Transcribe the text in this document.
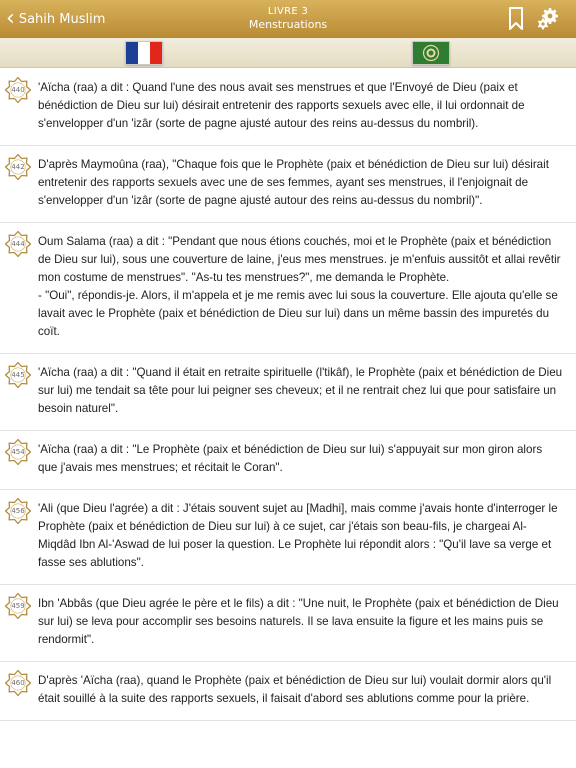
‹ Sahih Muslim	LIVRE 3
Menstruations
440	'Aïcha (raa) a dit : Quand l'une des nous avait ses menstrues et que l'Envoyé de Dieu (paix et bénédiction de Dieu sur lui) désirait entretenir des rapports sexuels avec elle, il lui ordonnait de s'envelopper d'un 'izâr (sorte de pagne ajusté autour des reins au-dessus du nombril).
442	D'après Maymoûna (raa), "Chaque fois que le Prophète (paix et bénédiction de Dieu sur lui) désirait entretenir des rapports sexuels avec une de ses femmes, ayant ses menstrues, il l'enjoignait de s'envelopper d'un 'izâr (sorte de pagne ajusté autour des reins au-dessus du nombril)".
444	Oum Salama (raa) a dit : "Pendant que nous étions couchés, moi et le Prophète (paix et bénédiction de Dieu sur lui), sous une couverture de laine, j'eus mes menstrues. je m'enfuis aussitôt et allai revêtir mon costume de menstrues". "As-tu tes menstrues?", me demanda le Prophète.
- "Oui", répondis-je. Alors, il m'appela et je me remis avec lui sous la couverture. Elle ajouta qu'elle se lavait avec le Prophète (paix et bénédiction de Dieu sur lui) dans un même bassin des impuretés du coït.
445	'Aïcha (raa) a dit : "Quand il était en retraite spirituelle (l'tikâf), le Prophète (paix et bénédiction de Dieu sur lui) me tendait sa tête pour lui peigner ses cheveux; et il ne rentrait chez lui que pour satisfaire un besoin naturel".
454	'Aïcha (raa) a dit : "Le Prophète (paix et bénédiction de Dieu sur lui) s'appuyait sur mon giron alors que j'avais mes menstrues; et récitait le Coran".
456	'Ali (que Dieu l'agrée) a dit : J'étais souvent sujet au [Madhi], mais comme j'avais honte d'interroger le Prophète (paix et bénédiction de Dieu sur lui) à ce sujet, car j'étais son beau-fils, je chargeai Al-Miqdâd Ibn Al-'Aswad de lui poser la question. Le Prophète lui répondit alors : "Qu'il lave sa verge et fasse ses ablutions".
459	Ibn 'Abbâs (que Dieu agrée le père et le fils) a dit : "Une nuit, le Prophète (paix et bénédiction de Dieu sur lui) se leva pour accomplir ses besoins naturels. Il se lava ensuite la figure et les mains puis se rendormit".
460	D'après 'Aïcha (raa), quand le Prophète (paix et bénédiction de Dieu sur lui) voulait dormir alors qu'il était souillé à la suite des rapports sexuels, il faisait d'abord ses ablutions comme pour la prière.
